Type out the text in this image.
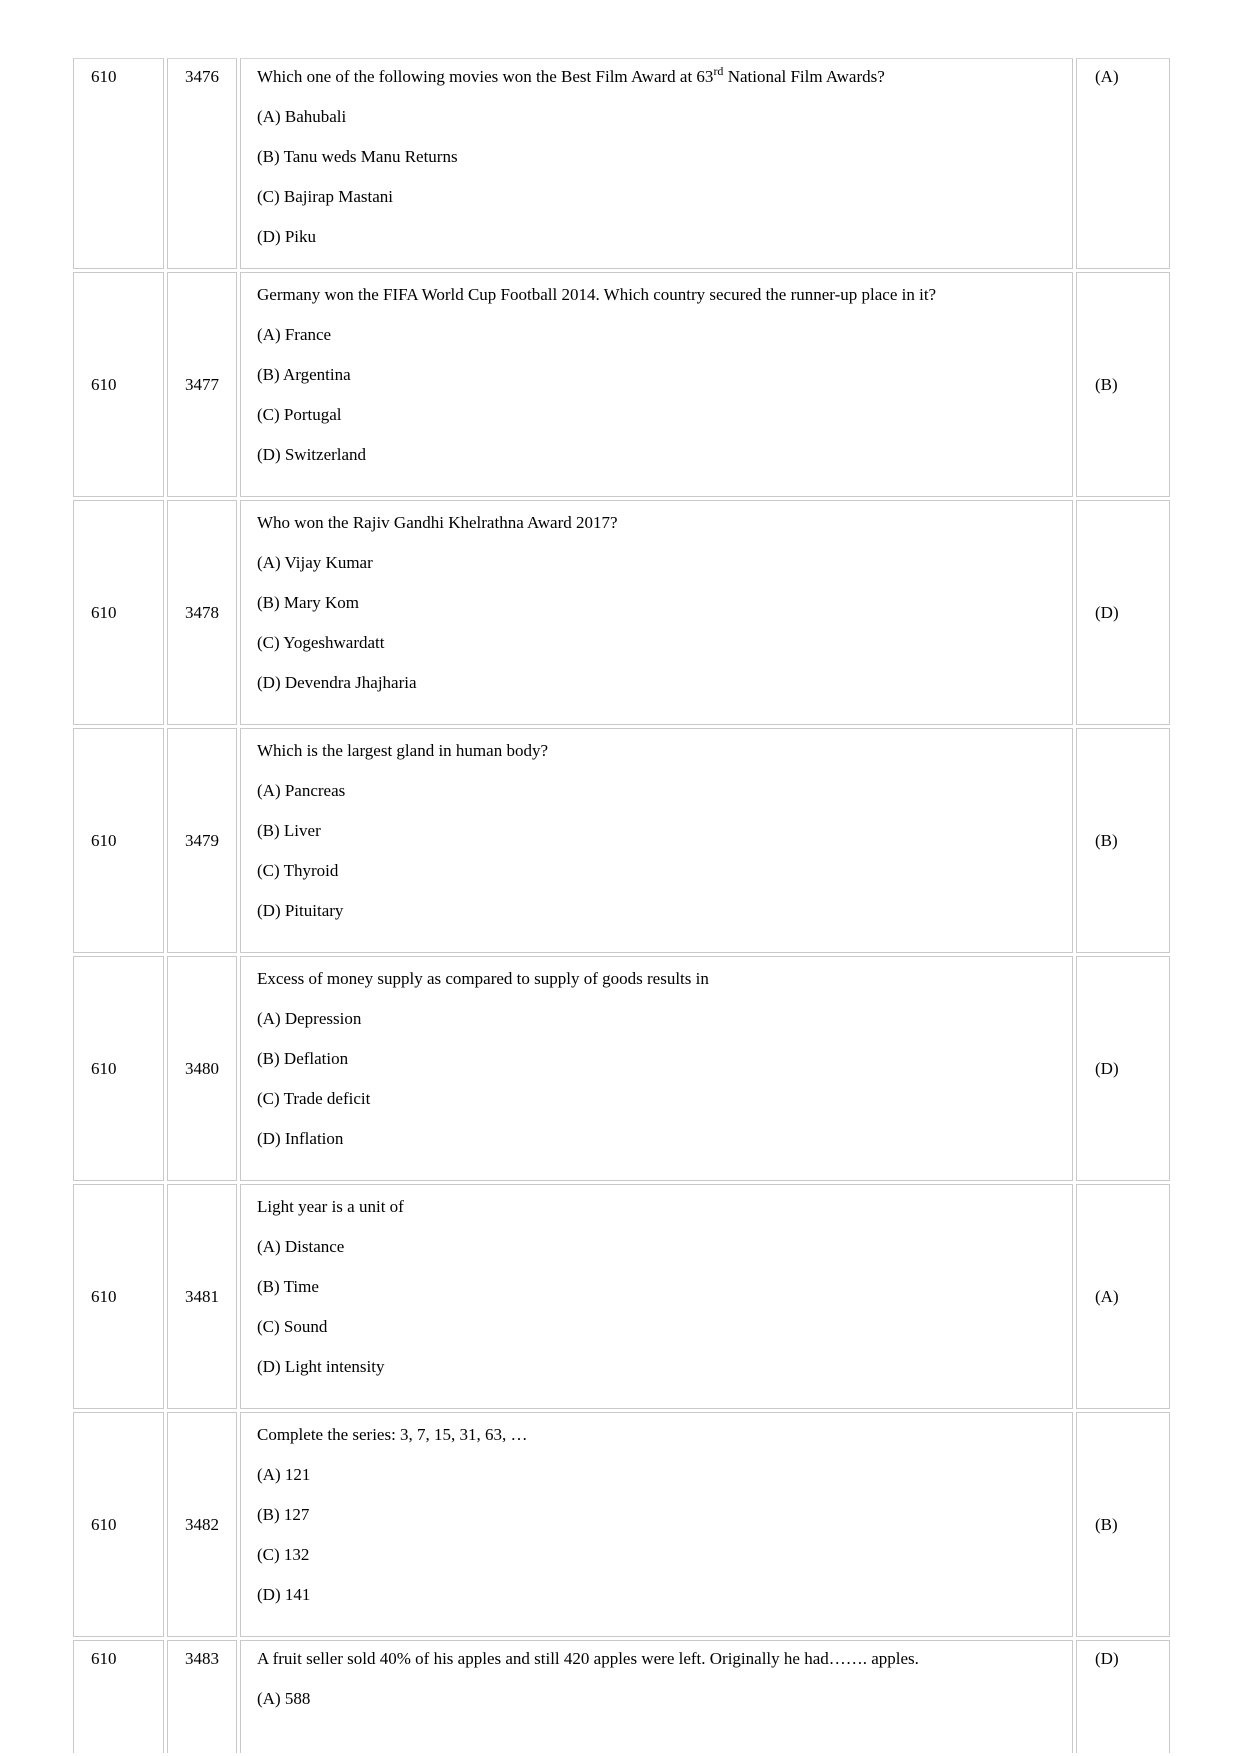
610	3476	Which one of the following movies won the Best Film Award at 63rd National Film Awards?
(A) Bahubali
(B) Tanu weds Manu Returns
(C) Bajirap Mastani
(D) Piku	(A)
610	3477	Germany won the FIFA World Cup Football 2014. Which country secured the runner-up place in it?
(A) France
(B) Argentina
(C) Portugal
(D) Switzerland	(B)
610	3478	Who won the Rajiv Gandhi Khelrathna Award 2017?
(A) Vijay Kumar
(B) Mary Kom
(C) Yogeshwardatt
(D) Devendra Jhajharia	(D)
610	3479	Which is the largest gland in human body?
(A) Pancreas
(B) Liver
(C) Thyroid
(D) Pituitary	(B)
610	3480	Excess of money supply as compared to supply of goods results in
(A) Depression
(B) Deflation
(C) Trade deficit
(D) Inflation	(D)
610	3481	Light year is a unit of
(A) Distance
(B) Time
(C) Sound
(D) Light intensity	(A)
610	3482	Complete the series: 3, 7, 15, 31, 63, …
(A) 121
(B) 127
(C) 132
(D) 141	(B)
610	3483	A fruit seller sold 40% of his apples and still 420 apples were left. Originally he had……. apples.
(A) 588	(D)
